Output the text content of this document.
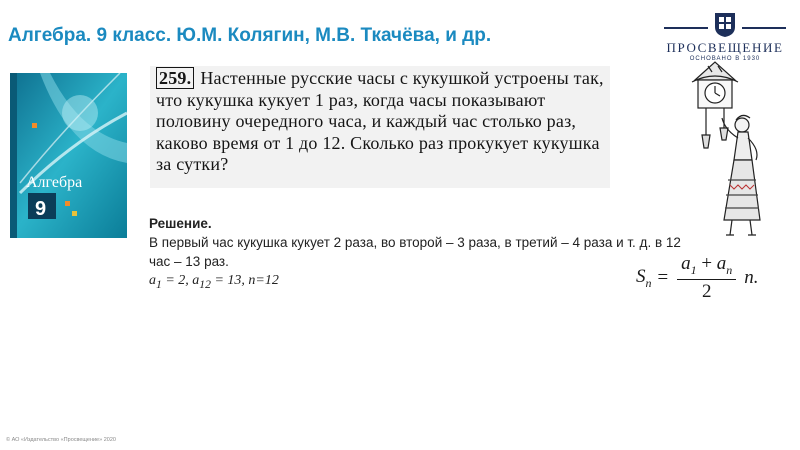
Алгебра. 9 класс. Ю.М. Колягин, М.В. Ткачёва, и др.
ПРОСВЕЩЕНИЕ
ОСНОВАНО В 1930
Алгебра
9
259. Настенные русские часы с кукушкой устроены так, что кукушка кукует 1 раз, когда часы показывают половину очередного часа, и каждый час столько раз, каково время от 1 до 12. Сколько раз прокукует кукушка за сутки?
Решение.
В первый час кукушка кукует 2 раза, во второй – 3 раза, в третий – 4 раза и т. д. в 12 час – 13 раз.
$a_1 = 2$, $a_{12} = 13$, n=12	$S_n = \frac{a_1 + a_n}{2}$ n .
© АО «Издательство «Просвещение» 2020
